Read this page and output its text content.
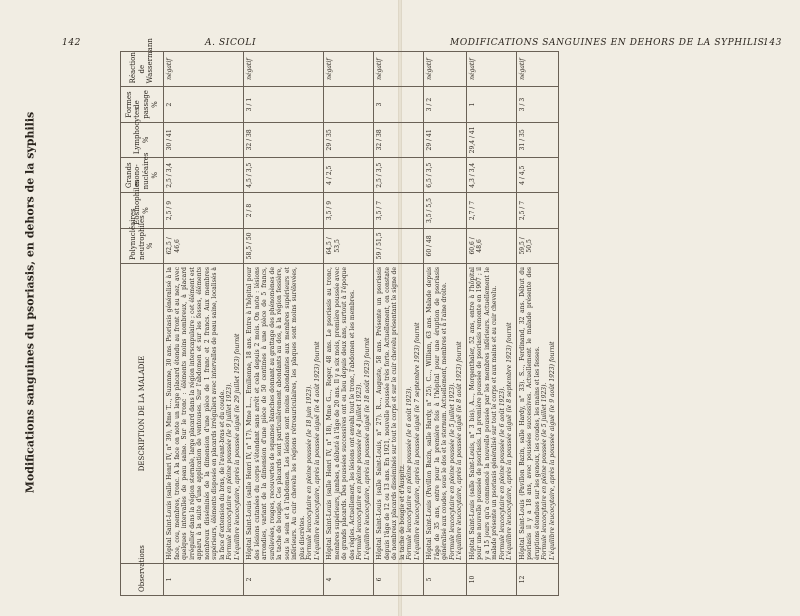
142	A. SICOLI
Modifications sanguines du psoriasis, en dehors de la syphilis
MODIFICATIONS SANGUINES EN DEHORS DE LA SYPHILIS
143
Observations	DESCRIPTION DE LA MALADIE	Polynucléaires neutrophiles %	Eosinophiles %	Grands mono-nucléaires %	Lymphocytes %	Formes de passage %	Réaction de Wassermann
1	Hôpital Saint-Louis (salle Henri IV, n° 39), Mme T..., Suzanne, 30 ans. Psoriasis généralisé à la face, cou, membres, tronc. A la face on note un large placard étendu au front et au nez, avec quelques intervalles de peau saine. Sur le tronc : éléments moins nombreux, à placard irrégulier dans la région sternale, large placard dans la région interscapulaire ; cet élément est apparu à la suite d'une application de ventouses. Sur l'abdomen et sur les fesses, éléments nombreux disséminés de la dimension d'une pièce de 1 franc et 2 francs. Aux membres supérieurs, éléments disposés en placards irréguliers avec intervalles de peau saine, localisés à la face d'extension du bras, de l'avant-bras et du coude. Formule leucocytaire en pleine poussée (le 9 juillet 1923). L'équilibre leucocytaire, après la poussée aiguë (le 29 juillet 1923) fournit	62,5 / 46,6	2,5 / 9	2,5 / 3,4	30 / 41	2	négatif
2	Hôpital Saint-Louis (salle Henri IV, n° 17). Mme L..., Emilienne, 18 ans. Entre à l'hôpital pour des lésions cutanées du corps s'étendant sans arrêt et cela depuis 2 mois. On note : lésions arrondies, variant de la dimension d'une pièce de 50 centimes à une pièce de 5 francs, surélevées, rouges, recouvertes de squames blanches donnant au grattage des phénomènes de la tache de bougie. Ces placards sont particulièrement abondants au dos, à la région fessière, sous le sein et à l'abdomen. Les lésions sont moins abondantes aux membres supérieurs et inférieurs. Au cuir chevelu les régions rétroauriculaires, les plaques sont moins surélevées, plus discrètes. Formule leucocytaire en pleine poussée (le 18 juin 1923). L'équilibre leucocytaire, après la poussée aiguë (le 4 août 1923) fournit	58,5 / 50	2 / 8	4,5 / 3,5	32 / 38	3 / 1	négatif
4	Hôpital Saint-Louis (salle Henri IV, n° 18), Mme G..., Roger, 48 ans. Le psoriasis au tronc, membres supérieurs, jambes, a débuté à l'âge de 20 ans. Il y a six mois, première poussée avec de grands placards. Des poussées successives ont eu lieu depuis deux ans, surtout à l'époque des règles. Actuellement, les lésions ont envahi tout le tronc, l'abdomen et les membres. Formule leucocytaire en pleine poussée (le 4 juillet 1923). L'équilibre leucocytaire, après la poussée aiguë (le 18 août 1923) fournit	64,5 / 53,5	3,5 / 9	4 / 2,5	29 / 35		négatif
6	Hôpital Saint-Louis (salle Saint-Louis, n° 27). R..., Auguste, 58 ans. Présente un psoriasis depuis l'âge de 12 ou 13 ans. En 1921, nouvelle poussée très forte. Actuellement, on constate de nombreux placards disséminés sur tout le corps et sur le cuir chevelu présentant le signe de la tache de bougie et d'Auspitz. Formule leucocytaire en pleine poussée (le 6 août 1923). L'équilibre leucocytaire, après la poussée aiguë (le 7 septembre 1923) fournit	59 / 51,5	3,5 / 7	2,5 / 3,5	32 / 38	3	négatif
5	Hôpital Saint-Louis (Pavillon Bazin, salle Hardy, n° 25). C..., William, 63 ans. Malade depuis l'âge de 35 ans, entre pour la première fois à l'hôpital pour une éruption de psoriasis généralisé aux coudes, sous le dos et le sternum. Actuellement, membres et à l'aine droite. Formule leucocytaire en pleine poussée (le 5 juillet 1923). L'équilibre leucocytaire, après la poussée aiguë (le 8 août 1923) fournit	60 / 48	3,5 / 5,5	6,5 / 3,5	29 / 41	3 / 2	négatif
10	Hôpital Saint-Louis (salle Saint-Louis, n° 3 bis). A..., Morgenthaler, 52 ans, entre à l'hôpital pour une nouvelle poussée de psoriasis. La première poussée de psoriasis remonte en 1907 ; il y a 15 jours qu'a commencé la nouvelle poussée par les membres inférieurs. Actuellement le malade présente un psoriasis généralisé sur tout le corps et aux mains et au cuir chevelu. Formule leucocytaire en pleine poussée (le 6 août 1923). L'équilibre leucocytaire, après la poussée aiguë (le 8 septembre 1923) fournit	60,6 / 48,6	2,7 / 7	4,3 / 3,4	29,4 / 41	1	négatif
12	Hôpital Saint-Louis (Pavillon Bazin, salle Hardy, n° 33). S..., Ferdinand, 32 ans. Début du psoriasis il y a 18 ans, avec poussées successives. Actuellement le malade présente des éruptions étendues sur les genoux, les coudes, les mains et les fesses. Formule leucocytaire en pleine poussée (le 5 juillet 1923). L'équilibre leucocytaire, après la poussée aiguë (le 9 août 1923) fournit	59,5 / 50,5	2,5 / 7	4 / 4,5	31 / 35	3 / 3	négatif
